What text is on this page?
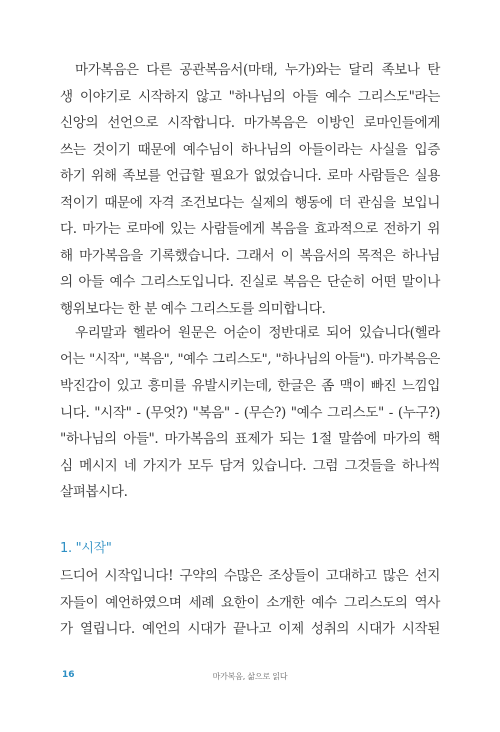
마가복음은 다른 공관복음서(마태, 누가)와는 달리 족보나 탄
생 이야기로 시작하지 않고 "하나님의 아들 예수 그리스도"라는
신앙의 선언으로 시작합니다. 마가복음은 이방인 로마인들에게
쓰는 것이기 때문에 예수님이 하나님의 아들이라는 사실을 입증
하기 위해 족보를 언급할 필요가 없었습니다. 로마 사람들은 실용
적이기 때문에 자격 조건보다는 실제의 행동에 더 관심을 보입니
다. 마가는 로마에 있는 사람들에게 복음을 효과적으로 전하기 위
해 마가복음을 기록했습니다. 그래서 이 복음서의 목적은 하나님
의 아들 예수 그리스도입니다. 진실로 복음은 단순히 어떤 말이나
행위보다는 한 분 예수 그리스도를 의미합니다.
우리말과 헬라어 원문은 어순이 정반대로 되어 있습니다(헬라
어는 "시작", "복음", "예수 그리스도", "하나님의 아들"). 마가복음은
박진감이 있고 흥미를 유발시키는데, 한글은 좀 맥이 빠진 느낌입
니다. "시작" - (무엇?) "복음" - (무슨?) "예수 그리스도" - (누구?)
"하나님의 아들". 마가복음의 표제가 되는 1절 말씀에 마가의 핵
심 메시지 네 가지가 모두 담겨 있습니다. 그럼 그것들을 하나씩
살펴봅시다.
1. "시작"
드디어 시작입니다! 구약의 수많은 조상들이 고대하고 많은 선지
자들이 예언하였으며 세례 요한이 소개한 예수 그리스도의 역사
가 열립니다. 예언의 시대가 끝나고 이제 성취의 시대가 시작된
16	마가복음, 삶으로 읽다
